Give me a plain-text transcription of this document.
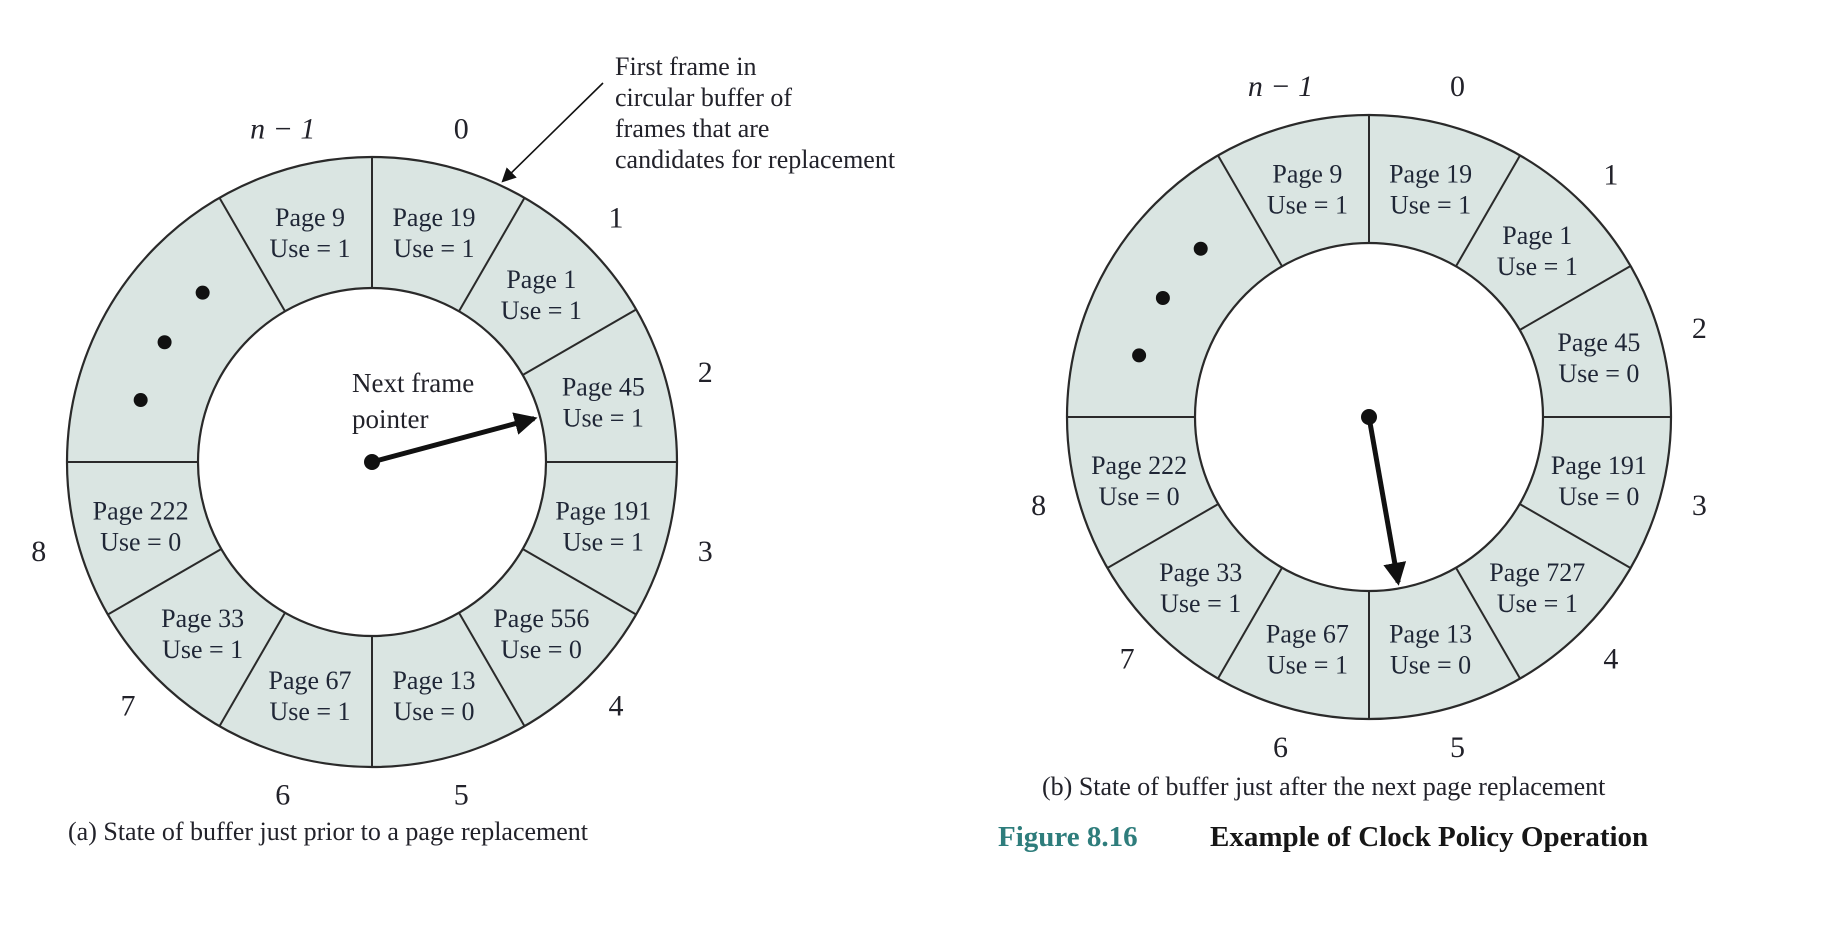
0
Page 19
Use = 1
1
Page 1
Use = 1
2
Page 45
Use = 1
3
Page 191
Use = 1
4
Page 556
Use = 0
5
Page 13
Use = 0
6
Page 67
Use = 1
7
Page 33
Use = 1
8
Page 222
Use = 0
n − 1
Page 9
Use = 1
0
Page 19
Use = 1
1
Page 1
Use = 1
2
Page 45
Use = 0
3
Page 191
Use = 0
4
Page 727
Use = 1
5
Page 13
Use = 0
6
Page 67
Use = 1
7
Page 33
Use = 1
8
Page 222
Use = 0
n − 1
Page 9
Use = 1
First frame in
circular buffer of
frames that are
candidates for replacement
Next frame
pointer
(a) State of buffer just prior to a page replacement
(b) State of buffer just after the next page replacement
Figure 8.16 Example of Clock Policy Operation
